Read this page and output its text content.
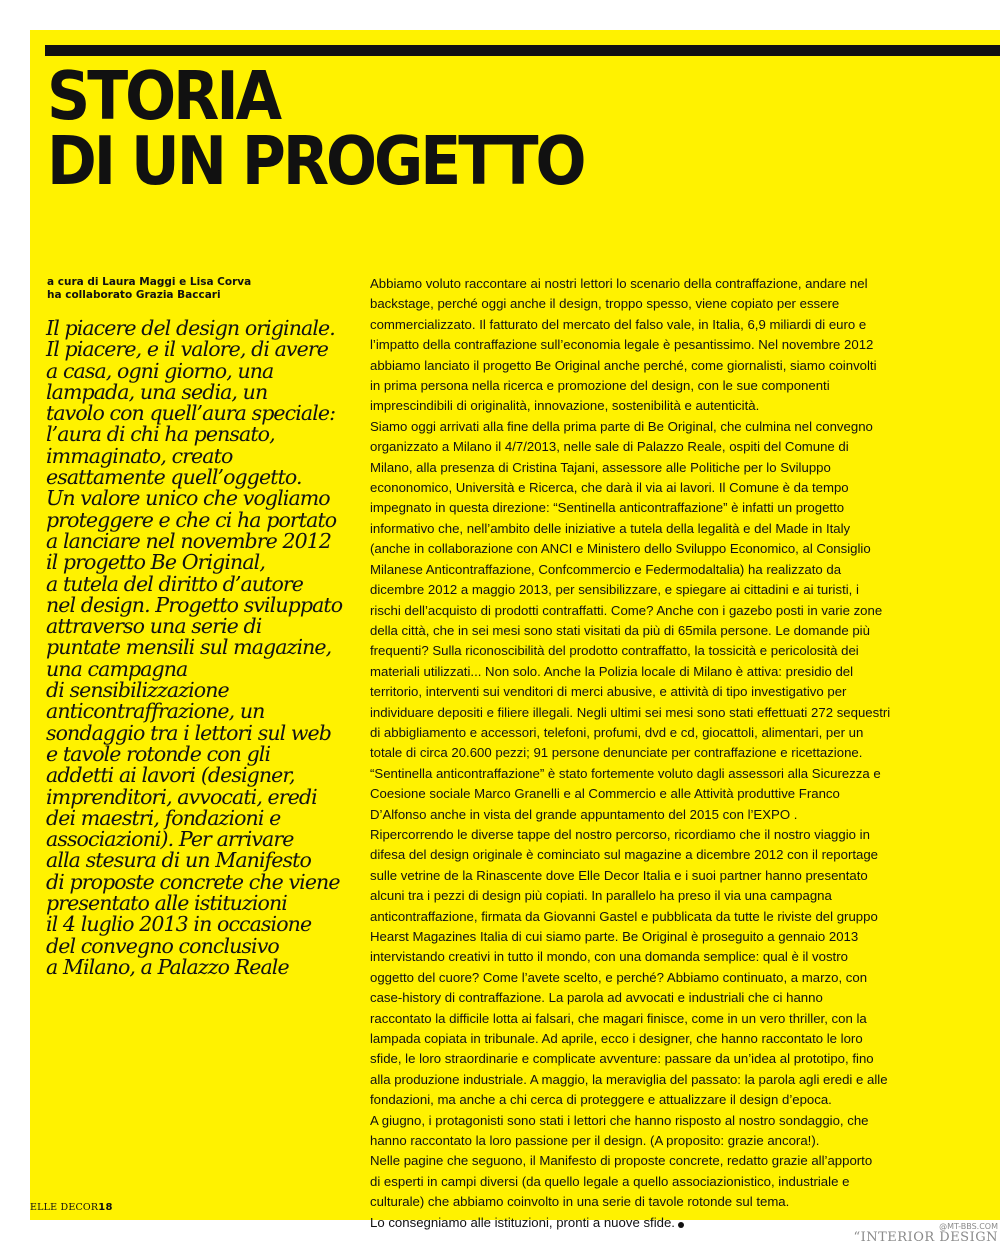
STORIA
DI UN PROGETTO
a cura di Laura Maggi e Lisa Corva
ha collaborato Grazia Baccari
Il piacere del design originale.
Il piacere, e il valore, di avere
a casa, ogni giorno, una
lampada, una sedia, un
tavolo con quell’aura speciale:
l’aura di chi ha pensato,
immaginato, creato
esattamente quell’oggetto.
Un valore unico che vogliamo
proteggere e che ci ha portato
a lanciare nel novembre 2012
il progetto Be Original,
a tutela del diritto d’autore
nel design. Progetto sviluppato
attraverso una serie di
puntate mensili sul magazine,
una campagna
di sensibilizzazione
anticontraffrazione, un
sondaggio tra i lettori sul web
e tavole rotonde con gli
addetti ai lavori (designer,
imprenditori, avvocati, eredi
dei maestri, fondazioni e
associazioni). Per arrivare
alla stesura di un Manifesto
di proposte concrete che viene
presentato alle istituzioni
il 4 luglio 2013 in occasione
del convegno conclusivo
a Milano, a Palazzo Reale
Abbiamo voluto raccontare ai nostri lettori lo scenario della contraffazione, andare nel
backstage, perché oggi anche il design, troppo spesso, viene copiato per essere
commercializzato. Il fatturato del mercato del falso vale, in Italia, 6,9 miliardi di euro e
l’impatto della contraffazione sull’economia legale è pesantissimo. Nel novembre 2012
abbiamo lanciato il progetto Be Original anche perché, come giornalisti, siamo coinvolti
in prima persona nella ricerca e promozione del design, con le sue componenti
imprescindibili di originalità, innovazione, sostenibilità e autenticità.
Siamo oggi arrivati alla fine della prima parte di Be Original, che culmina nel convegno
organizzato a Milano il 4/7/2013, nelle sale di Palazzo Reale, ospiti del Comune di
Milano, alla presenza di Cristina Tajani, assessore alle Politiche per lo Sviluppo
econonomico, Università e Ricerca, che darà il via ai lavori. Il Comune è da tempo
impegnato in questa direzione: “Sentinella anticontraffazione” è infatti un progetto
informativo che, nell’ambito delle iniziative a tutela della legalità e del Made in Italy
(anche in collaborazione con ANCI e Ministero dello Sviluppo Economico, al Consiglio
Milanese Anticontraffazione, Confcommercio e Federmodaltalia) ha realizzato da
dicembre 2012 a maggio 2013, per sensibilizzare, e spiegare ai cittadini e ai turisti, i
rischi dell’acquisto di prodotti contraffatti. Come? Anche con i gazebo posti in varie zone
della città, che in sei mesi sono stati visitati da più di 65mila persone. Le domande più
frequenti? Sulla riconoscibilità del prodotto contraffatto, la tossicità e pericolosità dei
materiali utilizzati... Non solo. Anche la Polizia locale di Milano è attiva: presidio del
territorio, interventi sui venditori di merci abusive, e attività di tipo investigativo per
individuare depositi e filiere illegali. Negli ultimi sei mesi sono stati effettuati 272 sequestri
di abbigliamento e accessori, telefoni, profumi, dvd e cd, giocattoli, alimentari, per un
totale di circa 20.600 pezzi; 91 persone denunciate per contraffazione e ricettazione.
“Sentinella anticontraffazione” è stato fortemente voluto dagli assessori alla Sicurezza e
Coesione sociale Marco Granelli e al Commercio e alle Attività produttive Franco
D’Alfonso anche in vista del grande appuntamento del 2015 con l’EXPO .
Ripercorrendo le diverse tappe del nostro percorso, ricordiamo che il nostro viaggio in
difesa del design originale è cominciato sul magazine a dicembre 2012 con il reportage
sulle vetrine de la Rinascente dove Elle Decor Italia e i suoi partner hanno presentato
alcuni tra i pezzi di design più copiati. In parallelo ha preso il via una campagna
anticontraffazione, firmata da Giovanni Gastel e pubblicata da tutte le riviste del gruppo
Hearst Magazines Italia di cui siamo parte. Be Original è proseguito a gennaio 2013
intervistando creativi in tutto il mondo, con una domanda semplice: qual è il vostro
oggetto del cuore? Come l’avete scelto, e perché? Abbiamo continuato, a marzo, con
case-history di contraffazione. La parola ad avvocati e industriali che ci hanno
raccontato la difficile lotta ai falsari, che magari finisce, come in un vero thriller, con la
lampada copiata in tribunale. Ad aprile, ecco i designer, che hanno raccontato le loro
sfide, le loro straordinarie e complicate avventure: passare da un’idea al prototipo, fino
alla produzione industriale. A maggio, la meraviglia del passato: la parola agli eredi e alle
fondazioni, ma anche a chi cerca di proteggere e attualizzare il design d’epoca.
A giugno, i protagonisti sono stati i lettori che hanno risposto al nostro sondaggio, che
hanno raccontato la loro passione per il design. (A proposito: grazie ancora!).
Nelle pagine che seguono, il Manifesto di proposte concrete, redatto grazie all’apporto
di esperti in campi diversi (da quello legale a quello associazionistico, industriale e
culturale) che abbiamo coinvolto in una serie di tavole rotonde sul tema.
Lo consegniamo alle istituzioni, pronti a nuove sfide.
ELLE DECOR18
@MT-BBS.COM
“INTERIOR DESIGN
